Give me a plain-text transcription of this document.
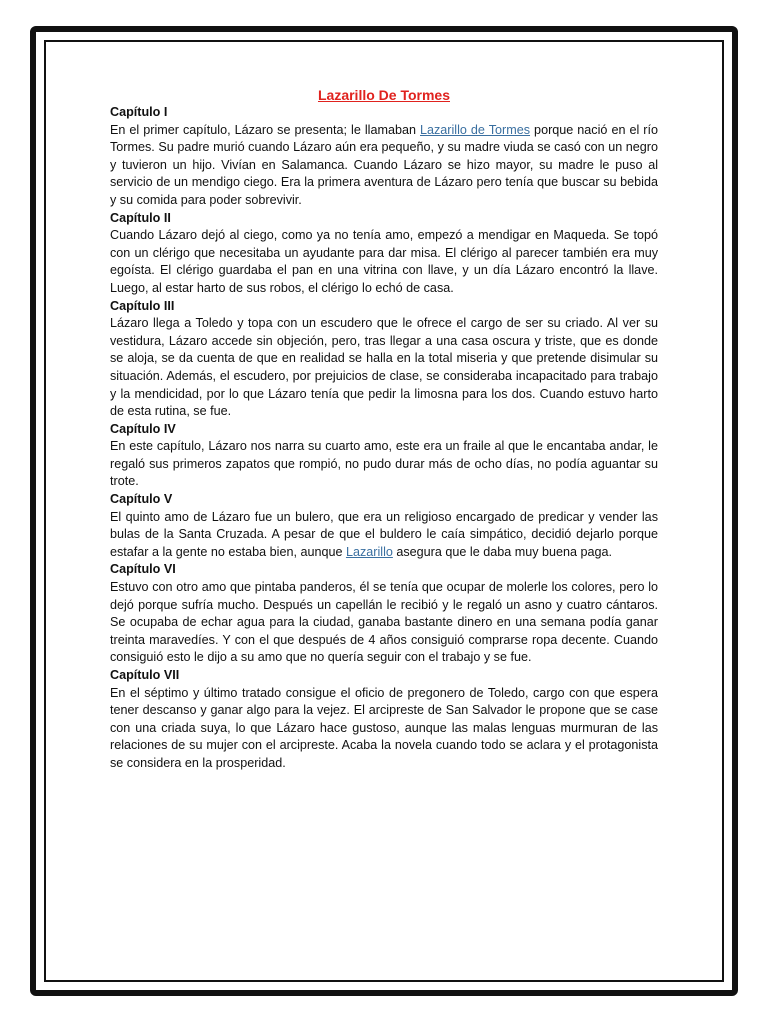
Lazarillo De Tormes

Capítulo I

En el primer capítulo, Lázaro se presenta; le llamaban Lazarillo de Tormes porque nació en el río Tormes. Su padre murió cuando Lázaro aún era pequeño, y su madre viuda se casó con un negro y tuvieron un hijo. Vivían en Salamanca. Cuando Lázaro se hizo mayor, su madre le puso al servicio de un mendigo ciego. Era la primera aventura de Lázaro pero tenía que buscar su bebida y su comida para poder sobrevivir.

Capítulo II

Cuando Lázaro dejó al ciego, como ya no tenía amo, empezó a mendigar en Maqueda. Se topó con un clérigo que necesitaba un ayudante para dar misa. El clérigo al parecer también era muy egoísta. El clérigo guardaba el pan en una vitrina con llave, y un día Lázaro encontró la llave. Luego, al estar harto de sus robos, el clérigo lo echó de casa.

Capítulo III

Lázaro llega a Toledo y topa con un escudero que le ofrece el cargo de ser su criado. Al ver su vestidura, Lázaro accede sin objeción, pero, tras llegar a una casa oscura y triste, que es donde se aloja, se da cuenta de que en realidad se halla en la total miseria y que pretende disimular su situación. Además, el escudero, por prejuicios de clase, se consideraba incapacitado para trabajo y la mendicidad, por lo que Lázaro tenía que pedir la limosna para los dos. Cuando estuvo harto de esta rutina, se fue.

Capítulo IV

En este capítulo, Lázaro nos narra su cuarto amo, este era un fraile al que le encantaba andar, le regaló sus primeros zapatos que rompió, no pudo durar más de ocho días, no podía aguantar su trote.

Capítulo V

El quinto amo de Lázaro fue un bulero, que era un religioso encargado de predicar y vender las bulas de la Santa Cruzada. A pesar de que el buldero le caía simpático, decidió dejarlo porque estafar a la gente no estaba bien, aunque Lazarillo asegura que le daba muy buena paga.

Capítulo VI

Estuvo con otro amo que pintaba panderos, él se tenía que ocupar de molerle los colores, pero lo dejó porque sufría mucho. Después un capellán le recibió y le regaló un asno y cuatro cántaros. Se ocupaba de echar agua para la ciudad, ganaba bastante dinero en una semana podía ganar treinta maravedíes. Y con el que después de 4 años consiguió comprarse ropa decente. Cuando consiguió esto le dijo a su amo que no quería seguir con el trabajo y se fue.

Capítulo VII

En el séptimo y último tratado consigue el oficio de pregonero de Toledo, cargo con que espera tener descanso y ganar algo para la vejez. El arcipreste de San Salvador le propone que se case con una criada suya, lo que Lázaro hace gustoso, aunque las malas lenguas murmuran de las relaciones de su mujer con el arcipreste. Acaba la novela cuando todo se aclara y el protagonista se considera en la prosperidad.
